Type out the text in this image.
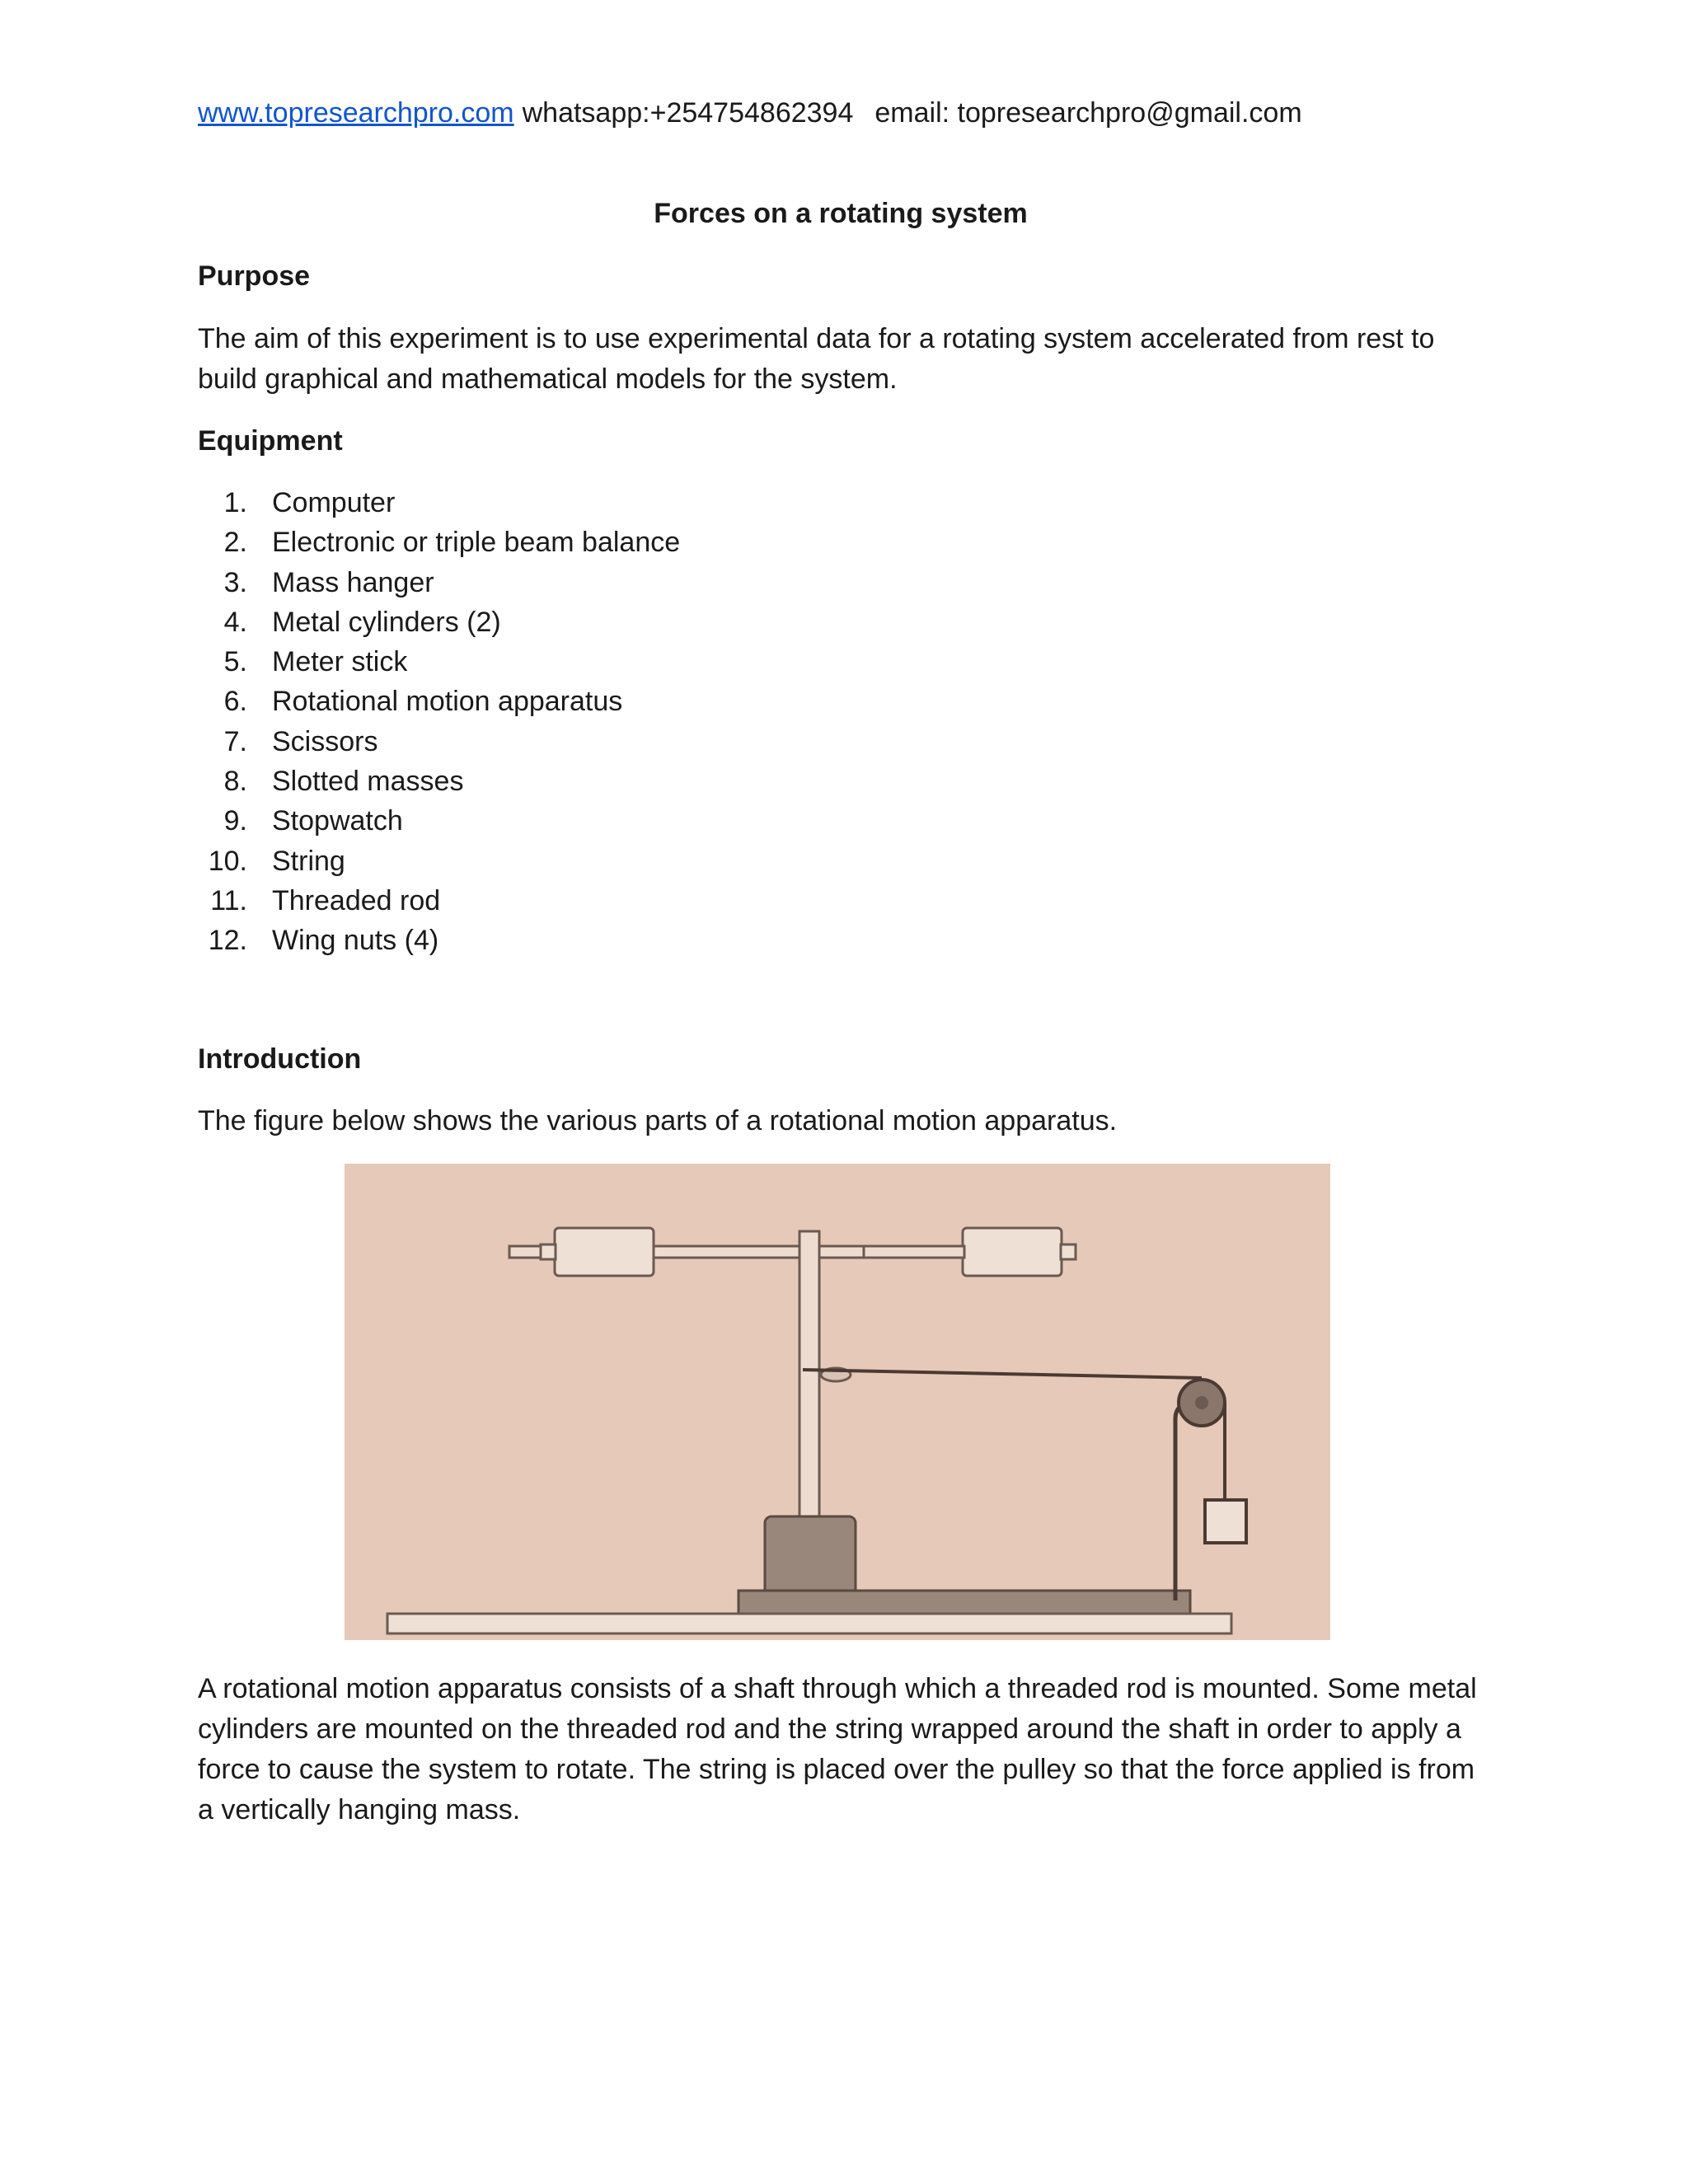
www.topresearchpro.com whatsapp:+254754862394 email: topresearchpro@gmail.com
Forces on a rotating system
Purpose
The aim of this experiment is to use experimental data for a rotating system accelerated from rest to
build graphical and mathematical models for the system.
Equipment
1. Computer
2. Electronic or triple beam balance
3. Mass hanger
4. Metal cylinders (2)
5. Meter stick
6. Rotational motion apparatus
7. Scissors
8. Slotted masses
9. Stopwatch
10. String
11. Threaded rod
12. Wing nuts (4)
Introduction
The figure below shows the various parts of a rotational motion apparatus.
A rotational motion apparatus consists of a shaft through which a threaded rod is mounted. Some metal
cylinders are mounted on the threaded rod and the string wrapped around the shaft in order to apply a
force to cause the system to rotate. The string is placed over the pulley so that the force applied is from
a vertically hanging mass.
